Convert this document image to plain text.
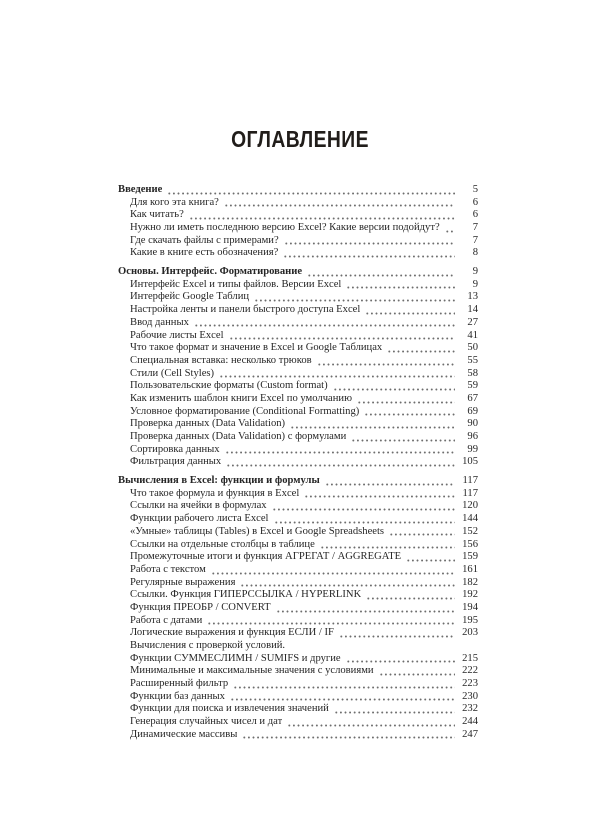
ОГЛАВЛЕНИЕ
Введение	5
Для кого эта книга?	6
Как читать?	6
Нужно ли иметь последнюю версию Excel? Какие версии подойдут?	7
Где скачать файлы с примерами?	7
Какие в книге есть обозначения?	8
Основы. Интерфейс. Форматирование	9
Интерфейс Excel и типы файлов. Версии Excel	9
Интерфейс Google Таблиц	13
Настройка ленты и панели быстрого доступа Excel	14
Ввод данных	27
Рабочие листы Excel	41
Что такое формат и значение в Excel и Google Таблицах	50
Специальная вставка: несколько трюков	55
Стили (Cell Styles)	58
Пользовательские форматы (Custom format)	59
Как изменить шаблон книги Excel по умолчанию	67
Условное форматирование (Conditional Formatting)	69
Проверка данных (Data Validation)	90
Проверка данных (Data Validation) с формулами	96
Сортировка данных	99
Фильтрация данных	105
Вычисления в Excel: функции и формулы	117
Что такое формула и функция в Excel	117
Ссылки на ячейки в формулах	120
Функции рабочего листа Excel	144
«Умные» таблицы (Tables) в Excel и Google Spreadsheets	152
Ссылки на отдельные столбцы в таблице	156
Промежуточные итоги и функция АГРЕГАТ / AGGREGATE	159
Работа с текстом	161
Регулярные выражения	182
Ссылки. Функция ГИПЕРССЫЛКА / HYPERLINK	192
Функция ПРЕОБР / CONVERT	194
Работа с датами	195
Логические выражения и функция ЕСЛИ / IF	203
Вычисления с проверкой условий.
Функции СУММЕСЛИМН / SUMIFS и другие	215
Минимальные и максимальные значения с условиями	222
Расширенный фильтр	223
Функции баз данных	230
Функции для поиска и извлечения значений	232
Генерация случайных чисел и дат	244
Динамические массивы	247
